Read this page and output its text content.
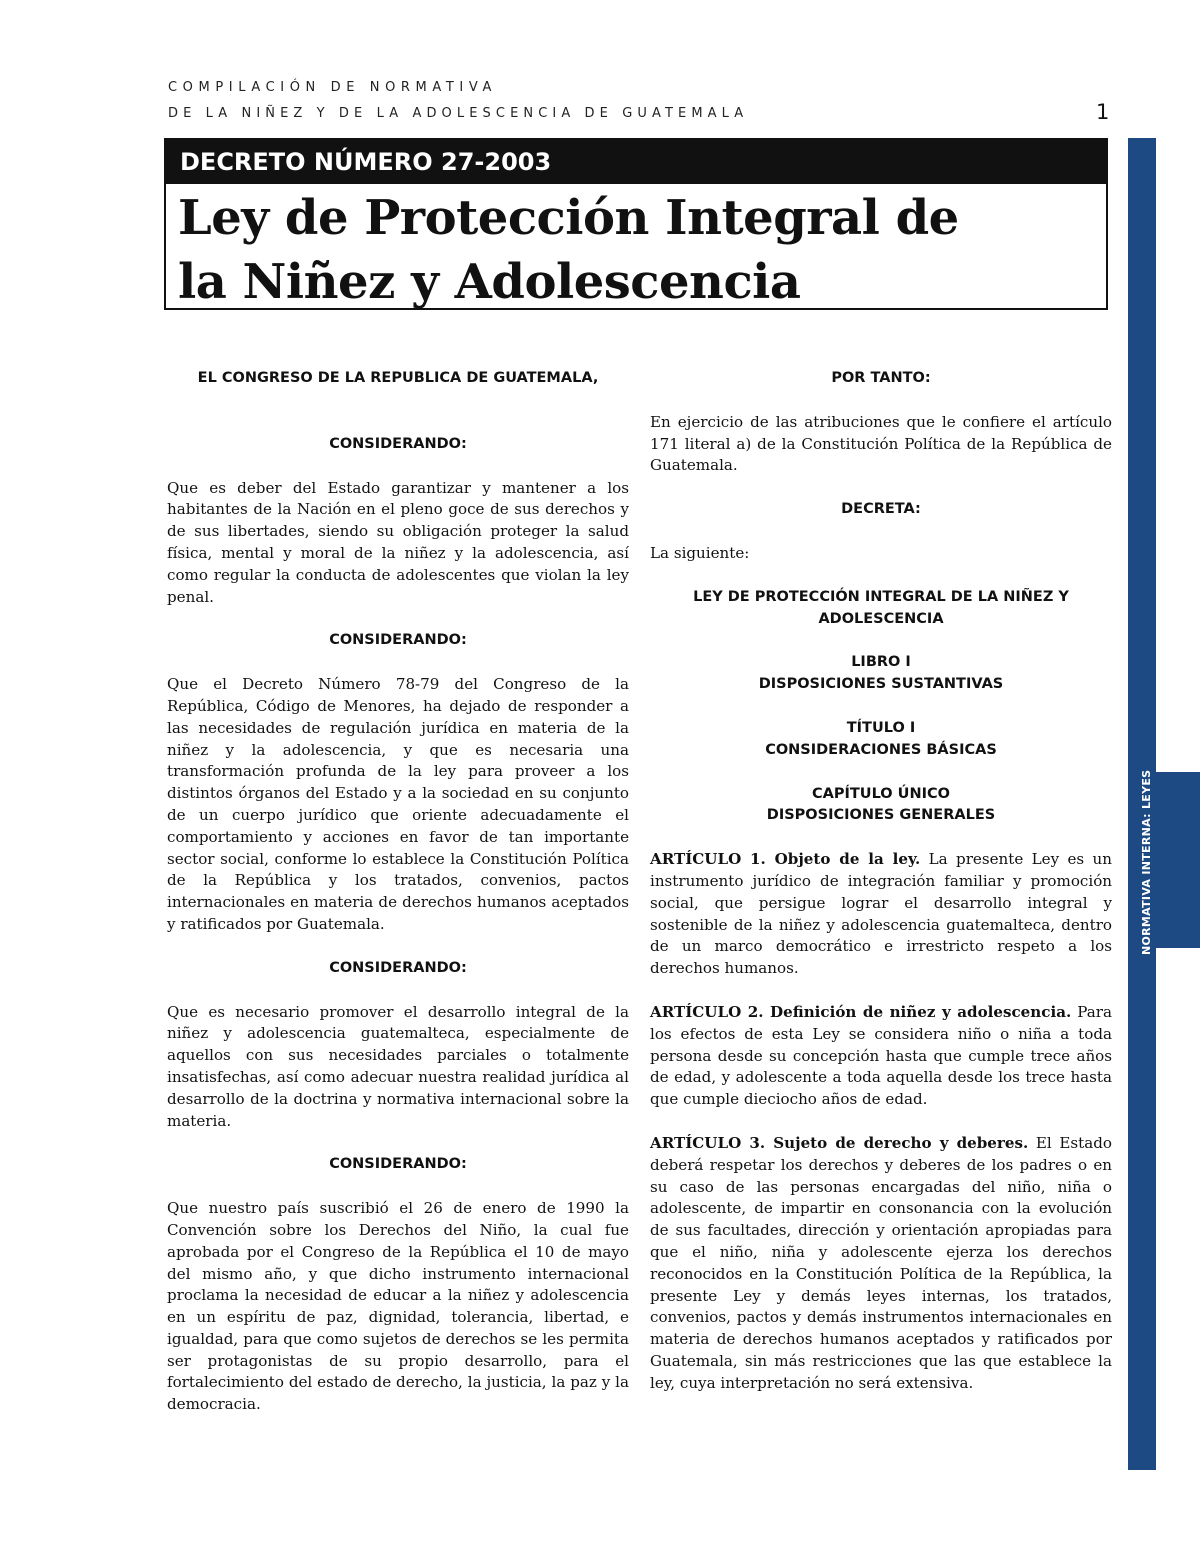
COMPILACIÓN DE NORMATIVA
DE LA NIÑEZ Y DE LA ADOLESCENCIA DE GUATEMALA	1
DECRETO NÚMERO 27-2003
Ley de Protección Integral de
la Niñez y Adolescencia
NORMATIVA INTERNA: LEYES
EL CONGRESO DE LA REPUBLICA DE GUATEMALA,
CONSIDERANDO:
Que es deber del Estado garantizar y mantener a los habitantes de la Nación en el pleno goce de sus derechos y de sus libertades, siendo su obligación proteger la salud física, mental y moral de la niñez y la adolescencia, así como regular la conducta de adolescentes que violan la ley penal.
CONSIDERANDO:
Que el Decreto Número 78-79 del Congreso de la República, Código de Menores, ha dejado de responder a las necesidades de regulación jurídica en materia de la niñez y la adolescencia, y que es necesaria una transformación profunda de la ley para proveer a los distintos órganos del Estado y a la sociedad en su conjunto de un cuerpo jurídico que oriente adecuadamente el comportamiento y acciones en favor de tan importante sector social, conforme lo establece la Constitución Política de la República y los tratados, convenios, pactos internacionales en materia de derechos humanos aceptados y ratificados por Guatemala.
CONSIDERANDO:
Que es necesario promover el desarrollo integral de la niñez y adolescencia guatemalteca, especialmente de aquellos con sus necesidades parciales o totalmente insatisfechas, así como adecuar nuestra realidad jurídica al desarrollo de la doctrina y normativa internacional sobre la materia.
CONSIDERANDO:
Que nuestro país suscribió el 26 de enero de 1990 la Convención sobre los Derechos del Niño, la cual fue aprobada por el Congreso de la República el 10 de mayo del mismo año, y que dicho instrumento internacional proclama la necesidad de educar a la niñez y adolescencia en un espíritu de paz, dignidad, tolerancia, libertad, e igualdad, para que como sujetos de derechos se les permita ser protagonistas de su propio desarrollo, para el fortalecimiento del estado de derecho, la justicia, la paz y la democracia.
POR TANTO:
En ejercicio de las atribuciones que le confiere el artículo 171 literal a) de la Constitución Política de la República de Guatemala.
DECRETA:
La siguiente:
LEY DE PROTECCIÓN INTEGRAL DE LA NIÑEZ Y
ADOLESCENCIA
LIBRO I
DISPOSICIONES SUSTANTIVAS
TÍTULO I
CONSIDERACIONES BÁSICAS
CAPÍTULO ÚNICO
DISPOSICIONES GENERALES
ARTÍCULO 1. Objeto de la ley. La presente Ley es un instrumento jurídico de integración familiar y promoción social, que persigue lograr el desarrollo integral y sostenible de la niñez y adolescencia guatemalteca, dentro de un marco democrático e irrestricto respeto a los derechos humanos.
ARTÍCULO 2. Definición de niñez y adolescencia. Para los efectos de esta Ley se considera niño o niña a toda persona desde su concepción hasta que cumple trece años de edad, y adolescente a toda aquella desde los trece hasta que cumple dieciocho años de edad.
ARTÍCULO 3. Sujeto de derecho y deberes. El Estado deberá respetar los derechos y deberes de los padres o en su caso de las personas encargadas del niño, niña o adolescente, de impartir en consonancia con la evolución de sus facultades, dirección y orientación apropiadas para que el niño, niña y adolescente ejerza los derechos reconocidos en la Constitución Política de la República, la presente Ley y demás leyes internas, los tratados, convenios, pactos y demás instrumentos internacionales en materia de derechos humanos aceptados y ratificados por Guatemala, sin más restricciones que las que establece la ley, cuya interpretación no será extensiva.
